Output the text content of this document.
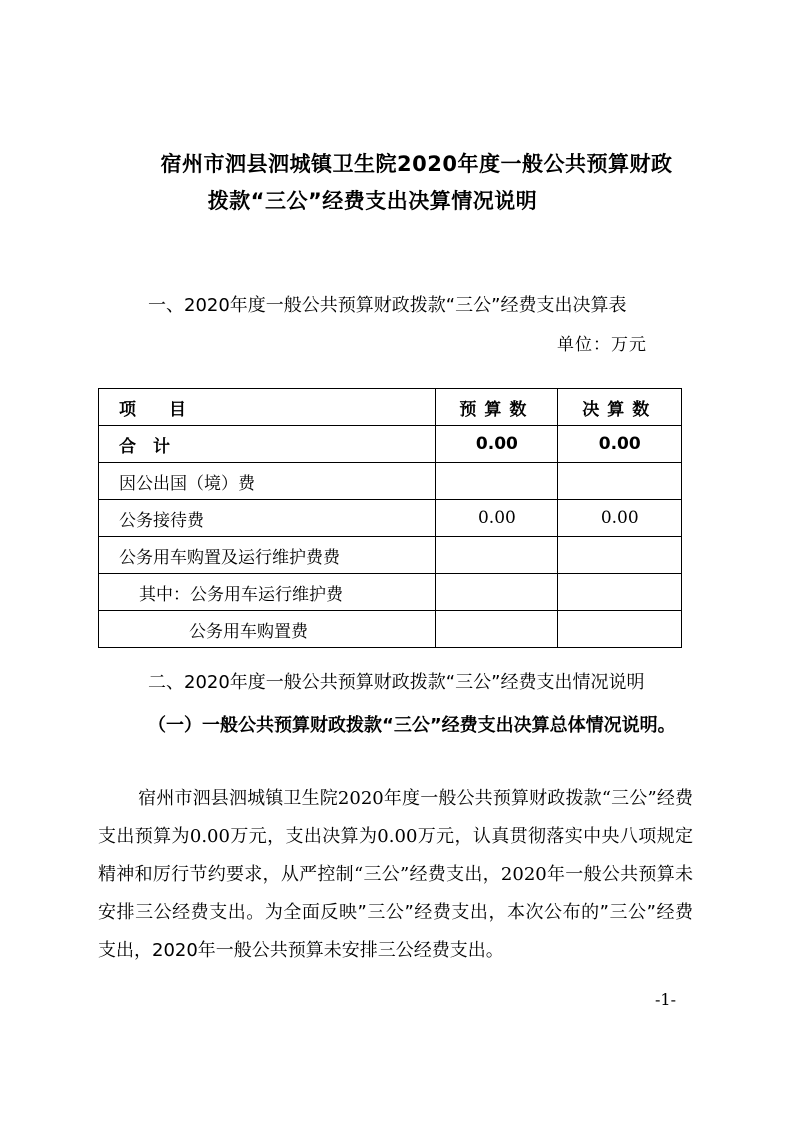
宿州市泗县泗城镇卫生院2020年度一般公共预算财政
拨款“三公”经费支出决算情况说明
一、2020年度一般公共预算财政拨款“三公”经费支出决算表
单位：万元
项　目	预算数	决算数
合　计	0.00	0.00
因公出国（境）费		
公务接待费	0.00	0.00
公务用车购置及运行维护费费		
其中：公务用车运行维护费		
公务用车购置费		
二、2020年度一般公共预算财政拨款“三公”经费支出情况说明
（一）一般公共预算财政拨款“三公”经费支出决算总体情况说明。
宿州市泗县泗城镇卫生院2020年度一般公共预算财政拨款“三公”经费支出预算为0.00万元，支出决算为0.00万元，认真贯彻落实中央八项规定精神和厉行节约要求，从严控制“三公”经费支出，2020年一般公共预算未安排三公经费支出。为全面反映”三公”经费支出，本次公布的”三公”经费支出，2020年一般公共预算未安排三公经费支出。
-1-
